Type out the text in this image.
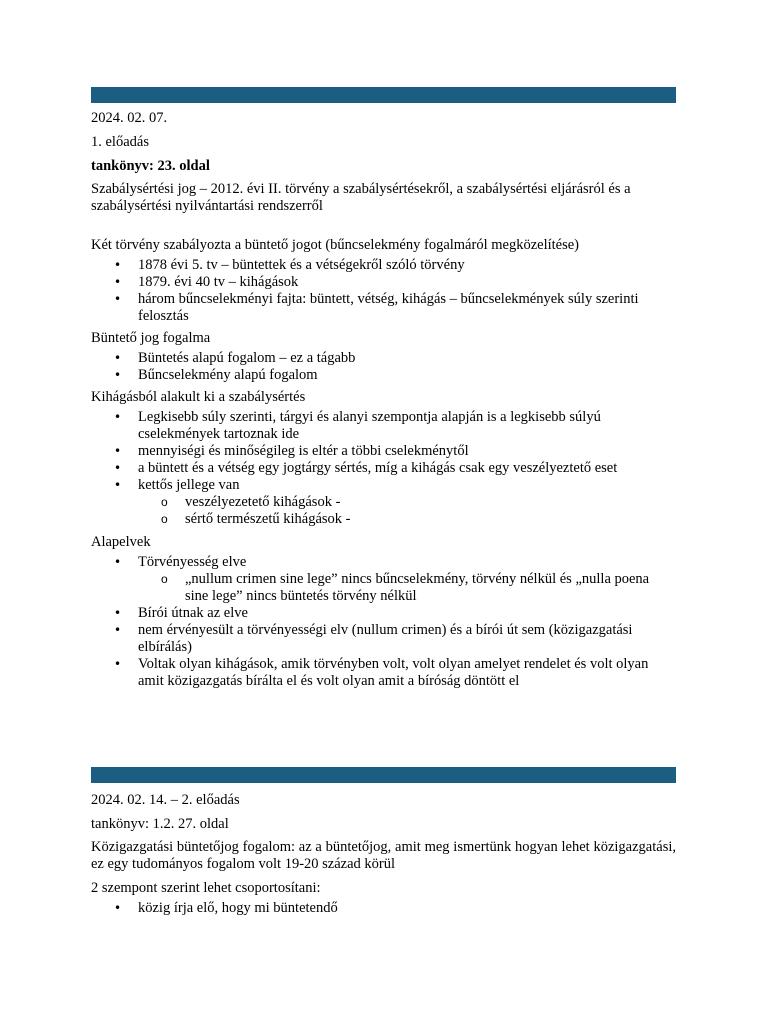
2024. 02. 07.

1. előadás

tankönyv: 23. oldal

Szabálysértési jog – 2012. évi II. törvény a szabálysértésekről, a szabálysértési eljárásról és a szabálysértési nyilvántartási rendszerről

Két törvény szabályozta a büntető jogot (bűncselekmény fogalmáról megközelítése)

• 1878 évi 5. tv – büntettek és a vétségekről szóló törvény
• 1879. évi 40 tv – kihágások
• három bűncselekményi fajta: büntett, vétség, kihágás – bűncselekmények súly szerinti felosztás

Büntető jog fogalma

• Büntetés alapú fogalom – ez a tágabb
• Bűncselekmény alapú fogalom

Kihágásból alakult ki a szabálysértés

• Legkisebb súly szerinti, tárgyi és alanyi szempontja alapján is a legkisebb súlyú cselekmények tartoznak ide
• mennyiségi és minőségileg is eltér a többi cselekménytől
• a büntett és a vétség egy jogtárgy sértés, míg a kihágás csak egy veszélyeztető eset
• kettős jellege van
o veszélyezetető kihágások -
o sértő természetű kihágások -

Alapelvek

• Törvényesség elve
o „nullum crimen sine lege” nincs bűncselekmény, törvény nélkül és „nulla poena sine lege” nincs büntetés törvény nélkül
• Bírói útnak az elve
• nem érvényesült a törvényességi elv (nullum crimen) és a bírói út sem (közigazgatási elbírálás)
• Voltak olyan kihágások, amik törvényben volt, volt olyan amelyet rendelet és volt olyan amit közigazgatás bírálta el és volt olyan amit a bíróság döntött el

2024. 02. 14. – 2. előadás

tankönyv: 1.2. 27. oldal

Közigazgatási büntetőjog fogalom: az a büntetőjog, amit meg ismertünk hogyan lehet közigazgatási, ez egy tudományos fogalom volt 19-20 század körül

2 szempont szerint lehet csoportosítani:

• közig írja elő, hogy mi büntetendő
